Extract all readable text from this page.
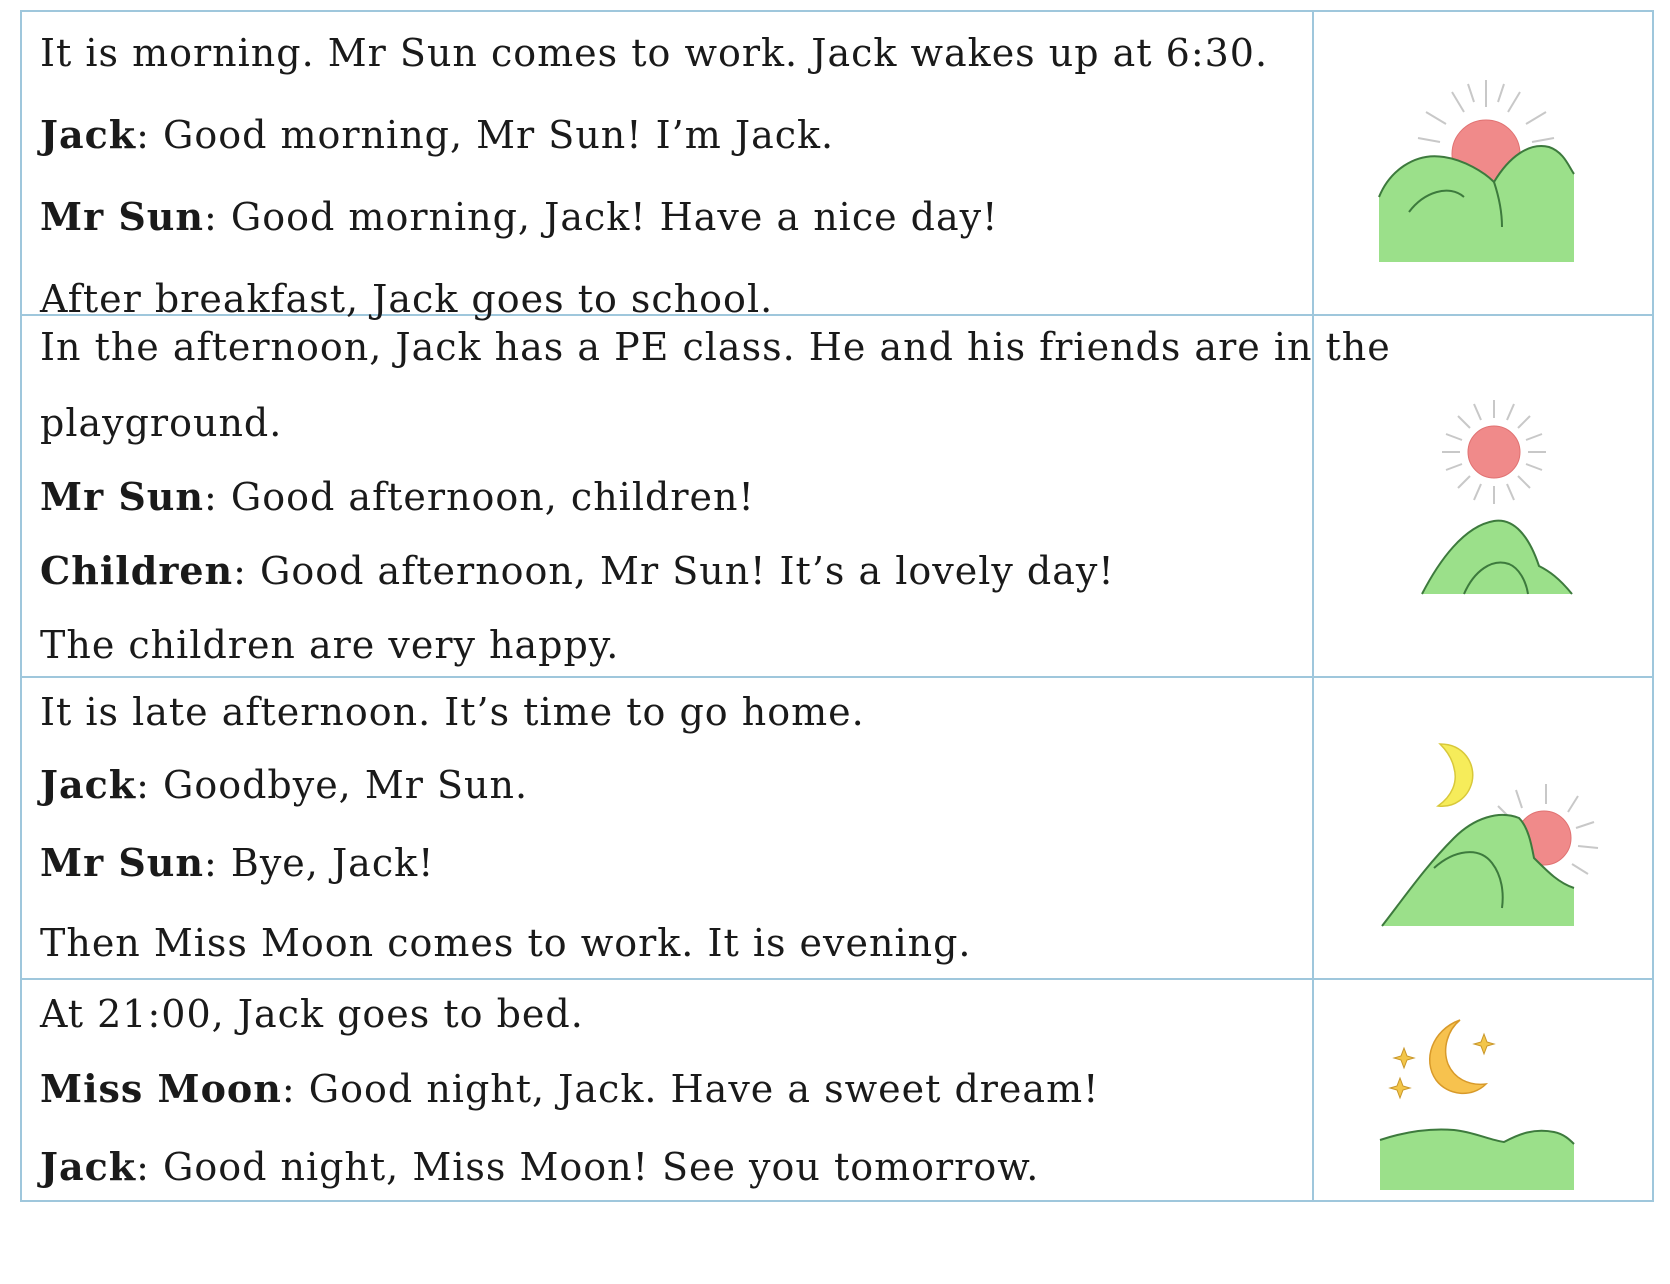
It is morning. Mr Sun comes to work. Jack wakes up at 6:30.
Jack: Good morning, Mr Sun! I’m Jack.
Mr Sun: Good morning, Jack! Have a nice day!
After breakfast, Jack goes to school.
In the afternoon, Jack has a PE class. He and his friends are in the
playground.
Mr Sun: Good afternoon, children!
Children: Good afternoon, Mr Sun! It’s a lovely day!
The children are very happy.
It is late afternoon. It’s time to go home.
Jack: Goodbye, Mr Sun.
Mr Sun: Bye, Jack!
Then Miss Moon comes to work. It is evening.
At 21:00, Jack goes to bed.
Miss Moon: Good night, Jack. Have a sweet dream!
Jack: Good night, Miss Moon! See you tomorrow.
